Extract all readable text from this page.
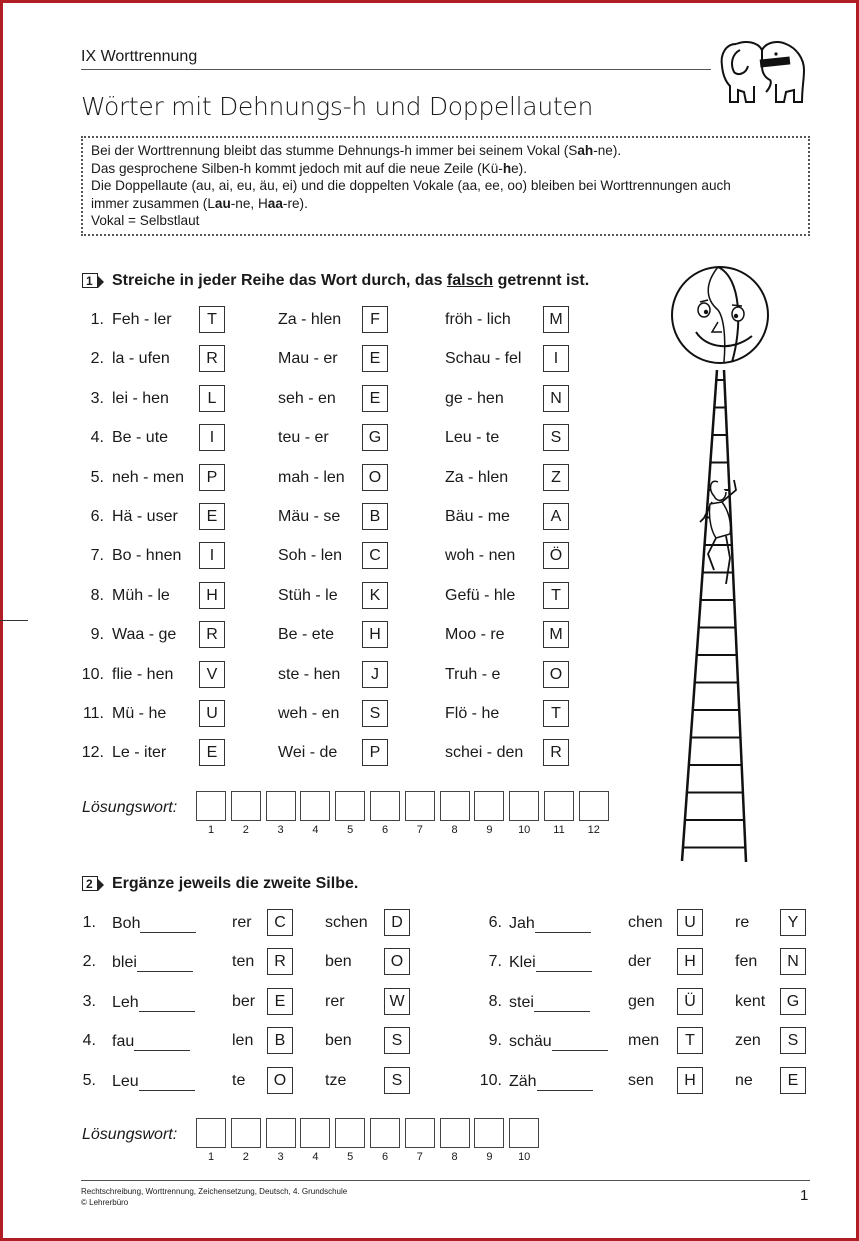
IX Worttrennung
Wörter mit Dehnungs-h und Doppellauten

Bei der Worttrennung bleibt das stumme Dehnungs-h immer bei seinem Vokal (Sah-ne).

Das gesprochene Silben-h kommt jedoch mit auf die neue Zeile (Kü-he).

Die Doppellaute (au, ai, eu, äu, ei) und die doppelten Vokale (aa, ee, oo) bleiben bei Worttrennungen auch

immer zusammen (Lau-ne, Haa-re).

Vokal = Selbstlaut

1 Streiche in jeder Reihe das Wort durch, das falsch getrennt ist.
1. Feh - ler	T	Za - hlen	F	fröh - lich	M
2. la - ufen	R	Mau - er	E	Schau - fel	I
3. lei - hen	L	seh - en	E	ge - hen	N
4. Be - ute	I	teu - er	G	Leu - te	S
5. neh - men	P	mah - len	O	Za - hlen	Z
6. Hä - user	E	Mäu - se	B	Bäu - me	A
7. Bo - hnen	I	Soh - len	C	woh - nen	Ö
8. Müh - le	H	Stüh - le	K	Gefü - hle	T
9. Waa - ge	R	Be - ete	H	Moo - re	M
10. flie - hen	V	ste - hen	J	Truh - e	O
11. Mü - he	U	weh - en	S	Flö - he	T
12. Le - iter	E	Wei - de	P	schei - den	R
Lösungswort:
1	2	3	4	5	6	7	8	9	10	11	12
2 Ergänze jeweils die zweite Silbe.
1. Boh	rer	C	schen	D
2. blei	ten	R	ben	O
3. Leh	ber	E	rer	W
4. fau	len	B	ben	S
5. Leu	te	O	tze	S
6. Jah	chen	U	re	Y
7. Klei	der	H	fen	N
8. stei	gen	Ü	kent	G
9. schäu	men	T	zen	S
10. Zäh	sen	H	ne	E
Lösungswort:
1	2	3	4	5	6	7	8	9	10
Rechtschreibung, Worttrennung, Zeichensetzung, Deutsch, 4. Grundschule
© Lehrerbüro	1
